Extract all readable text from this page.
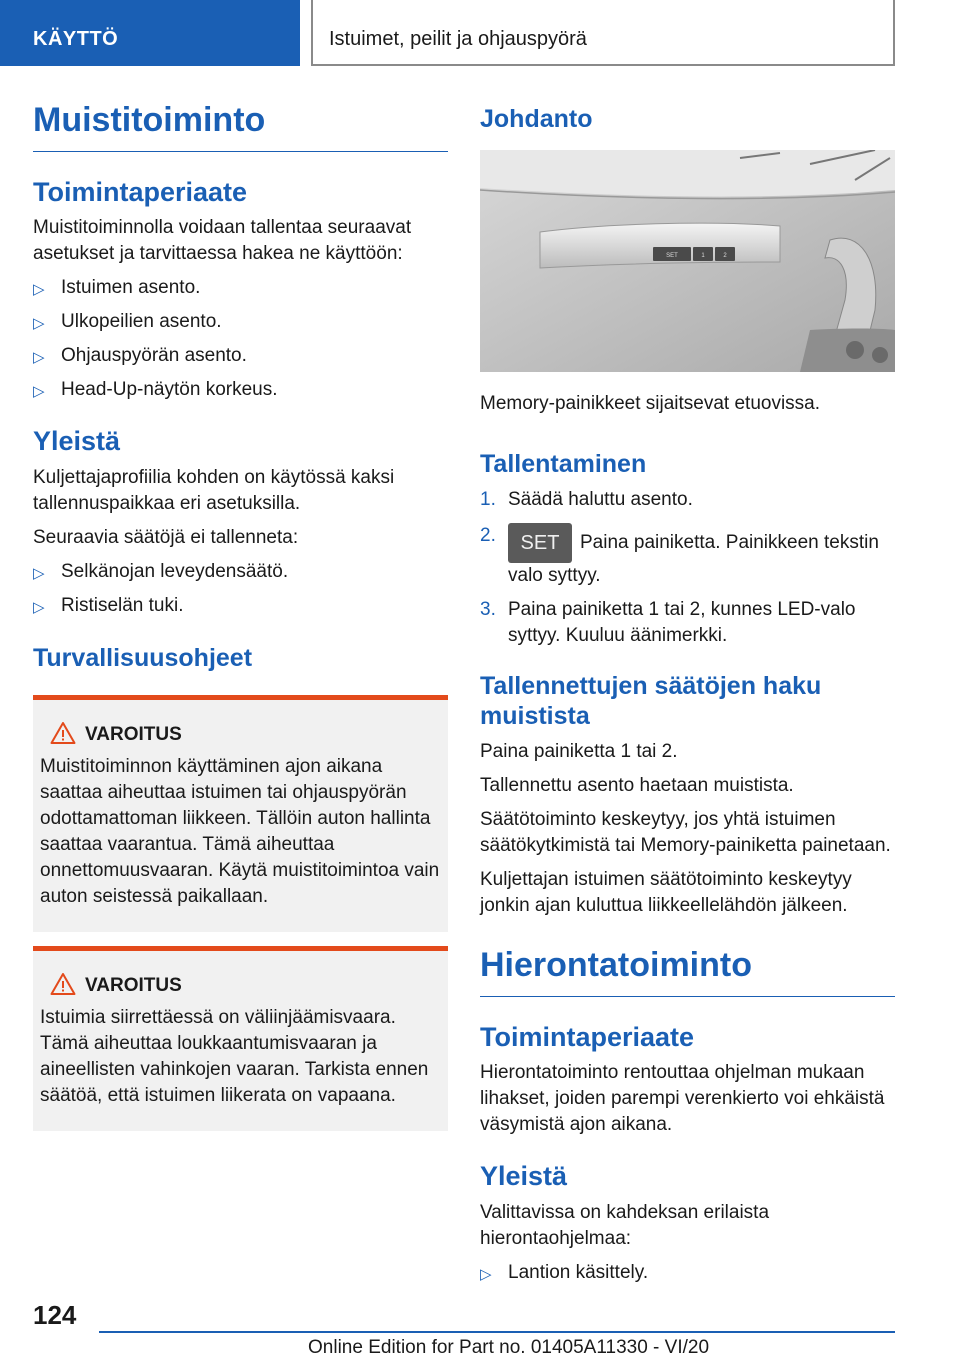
KÄYTTÖ	Istuimet, peilit ja ohjauspyörä
Muistitoiminto
Toimintaperiaate
Muistitoiminnolla voidaan tallentaa seuraavat asetukset ja tarvittaessa hakea ne käyttöön:
▷ Istuimen asento.
▷ Ulkopeilien asento.
▷ Ohjauspyörän asento.
▷ Head-Up-näytön korkeus.
Yleistä
Kuljettajaprofiilia kohden on käytössä kaksi tallennuspaikkaa eri asetuksilla.
Seuraavia säätöjä ei tallenneta:
▷ Selkänojan leveydensäätö.
▷ Ristiselän tuki.
Turvallisuusohjeet
VAROITUS
Muistitoiminnon käyttäminen ajon aikana saattaa aiheuttaa istuimen tai ohjauspyörän odottamattoman liikkeen. Tällöin auton hallinta saattaa vaarantua. Tämä aiheuttaa onnettomuusvaaran. Käytä muistitoimintoa vain auton seistessä paikallaan.
VAROITUS
Istuimia siirrettäessä on väliinjäämisvaara. Tämä aiheuttaa loukkaantumisvaaran ja aineellisten vahinkojen vaaran. Tarkista ennen säätöä, että istuimen liikerata on vapaana.
Johdanto
SET	1	2
Memory-painikkeet sijaitsevat etuovissa.
Tallentaminen
1. Säädä haluttu asento.
2. SET Paina painiketta. Painikkeen tekstin valo syttyy.
3. Paina painiketta 1 tai 2, kunnes LED-valo syttyy. Kuuluu äänimerkki.
Tallennettujen säätöjen haku muistista
Paina painiketta 1 tai 2.
Tallennettu asento haetaan muistista.
Säätötoiminto keskeytyy, jos yhtä istuimen säätökytkimistä tai Memory-painiketta painetaan.
Kuljettajan istuimen säätötoiminto keskeytyy jonkin ajan kuluttua liikkeellelähdön jälkeen.
Hierontatoiminto
Toimintaperiaate
Hierontatoiminto rentouttaa ohjelman mukaan lihakset, joiden parempi verenkierto voi ehkäistä väsymistä ajon aikana.
Yleistä
Valittavissa on kahdeksan erilaista hierontaohjelmaa:
▷ Lantion käsittely.
124
Online Edition for Part no. 01405A11330 - VI/20
